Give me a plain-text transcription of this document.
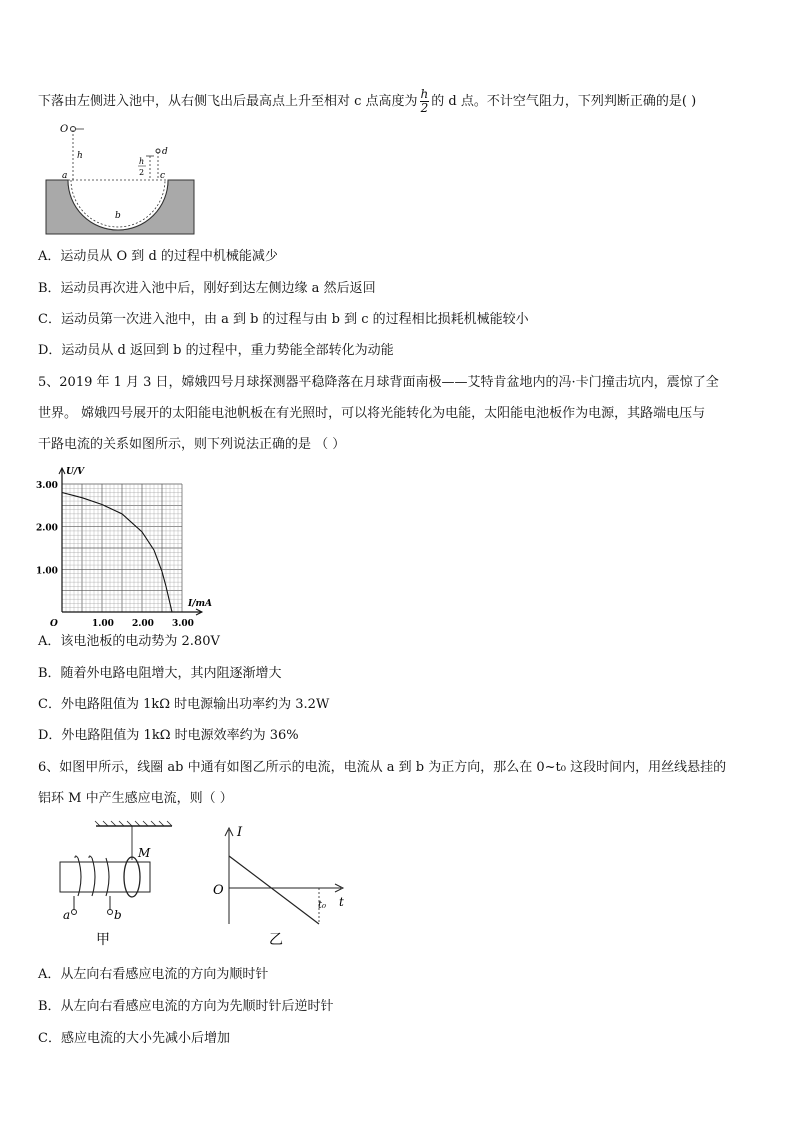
下落由左侧进入池中，从右侧飞出后最高点上升至相对 c 点高度为 $\frac{h}{2}$ 的 d 点。不计空气阻力，下列判断正确的是( )
O
h
h
2
d
a	c
b
A．运动员从 O 到 d 的过程中机械能减少
B．运动员再次进入池中后，刚好到达左侧边缘 a 然后返回
C．运动员第一次进入池中，由 a 到 b 的过程与由 b 到 c 的过程相比损耗机械能较小
D．运动员从 d 返回到 b 的过程中，重力势能全部转化为动能
5、2019 年 1 月 3 日，嫦娥四号月球探测器平稳降落在月球背面南极——艾特肯盆地内的冯·卡门撞击坑内，震惊了全
世界。 嫦娥四号展开的太阳能电池帆板在有光照时，可以将光能转化为电能，太阳能电池板作为电源，其路端电压与
干路电流的关系如图所示，则下列说法正确的是 （ ）
1.00
2.00
3.00
O	1.00 2.00 3.00
U/V
I/mA
A．该电池板的电动势为 2.80V
B．随着外电路电阻增大，其内阻逐渐增大
C．外电路阻值为 1kΩ 时电源输出功率约为 3.2W
D．外电路阻值为 1kΩ 时电源效率约为 36%
6、如图甲所示，线圈 ab 中通有如图乙所示的电流，电流从 a 到 b 为正方向，那么在 0~t₀ 这段时间内，用丝线悬挂的
铝环 M 中产生感应电流，则（ ）
M
a	b
甲
I
O
t₀ t
乙
A．从左向右看感应电流的方向为顺时针
B．从左向右看感应电流的方向为先顺时针后逆时针
C．感应电流的大小先减小后增加
